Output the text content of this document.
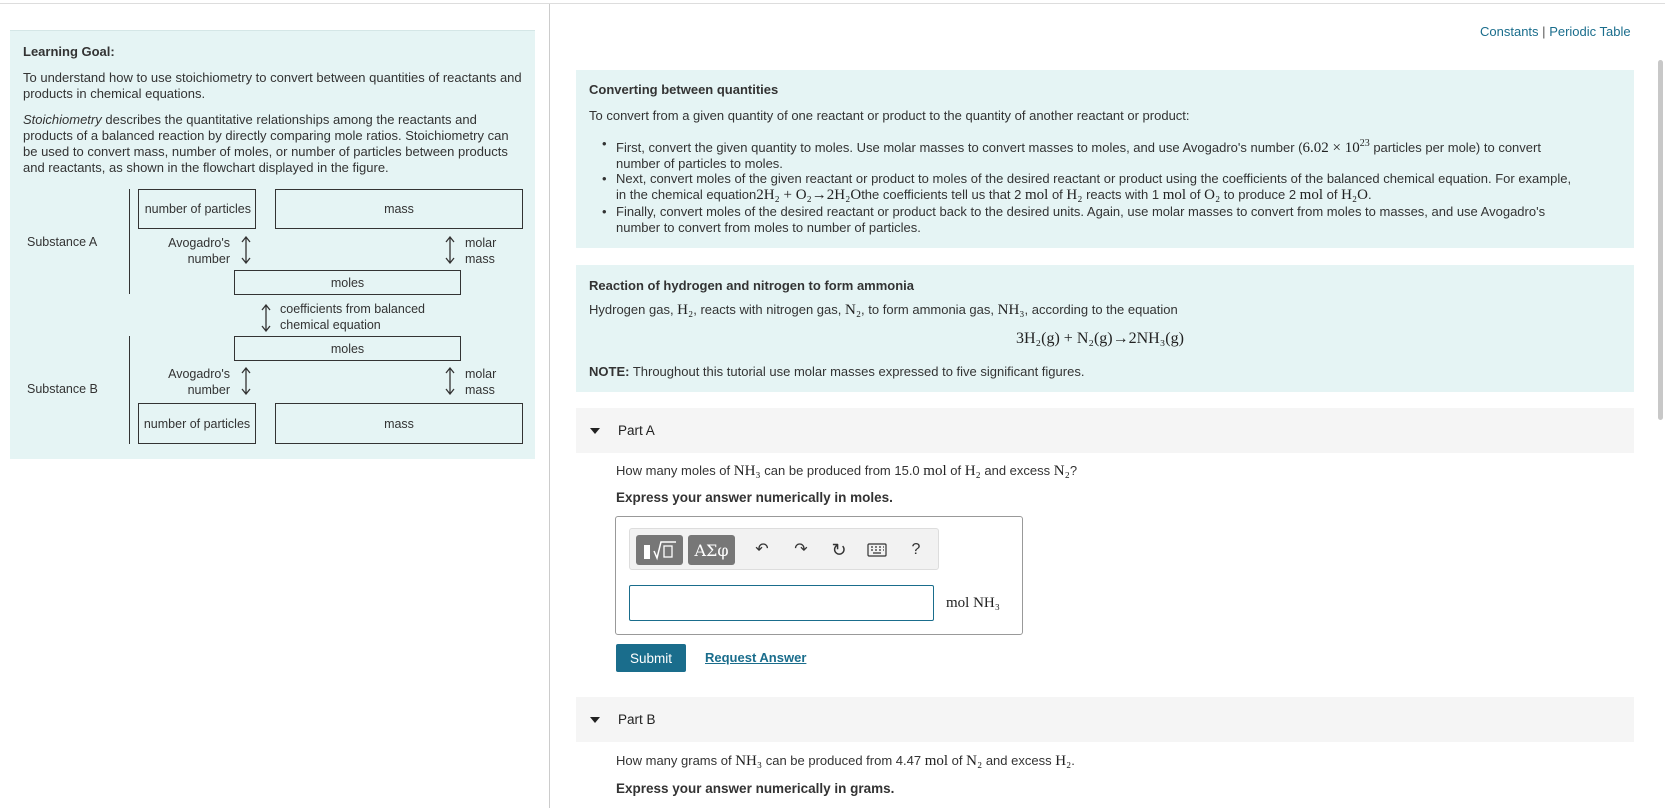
Learning Goal:

To understand how to use stoichiometry to convert between quantities of reactants and products in chemical equations.

Stoichiometry describes the quantitative relationships among the reactants and products of a balanced reaction by directly comparing mole ratios. Stoichiometry can be used to convert mass, number of moles, or number of particles between products and reactants, as shown in the flowchart displayed in the figure.

Substance A
number of particles	mass
Avogadro's number
molar mass
moles
coefficients from balanced chemical equation
moles
Avogadro's number
molar mass
Substance B
number of particles	mass
Constants | Periodic Table
Converting between quantities
To convert from a given quantity of one reactant or product to the quantity of another reactant or product:
• First, convert the given quantity to moles. Use molar masses to convert masses to moles, and use Avogadro's number ($6.02 \times 10^{23}$ particles per mole) to convert number of particles to moles.
• Next, convert moles of the given reactant or product to moles of the desired reactant or product using the coefficients of the balanced chemical equation. For example, in the chemical equation2H₂ + O₂→2H₂Othe coefficients tell us that 2 mol of H₂ reacts with 1 mol of O₂ to produce 2 mol of H₂O.
• Finally, convert moles of the desired reactant or product back to the desired units. Again, use molar masses to convert from moles to masses, and use Avogadro's number to convert from moles to number of particles.
Reaction of hydrogen and nitrogen to form ammonia
Hydrogen gas, H₂, reacts with nitrogen gas, N₂, to form ammonia gas, NH₃, according to the equation
3H₂(g) + N₂(g)→2NH₃(g)
NOTE: Throughout this tutorial use molar masses expressed to five significant figures.
Part A
How many moles of NH₃ can be produced from 15.0 mol of H₂ and excess N₂?
Express your answer numerically in moles.
ΑΣφ	↶ ↷ ↻	?
mol NH₃
Submit	Request Answer
Part B
How many grams of NH₃ can be produced from 4.47 mol of N₂ and excess H₂.
Express your answer numerically in grams.
